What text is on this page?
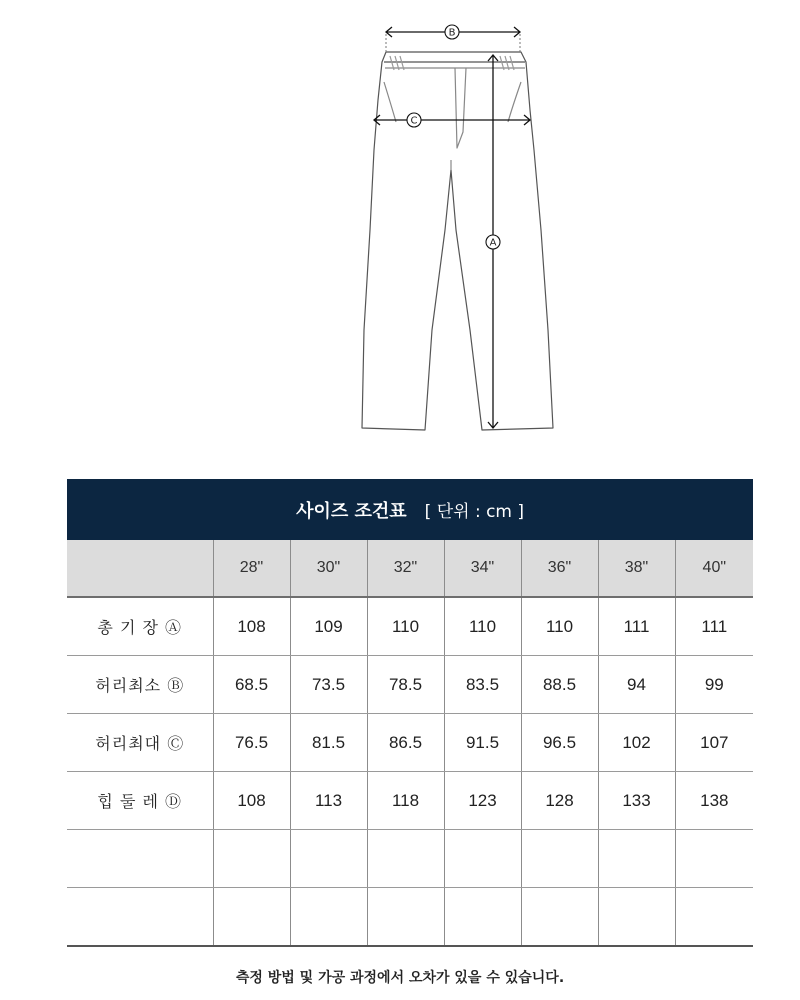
B
C
A
사이즈 조건표 [ 단위 : cm ]							
	28"	30"	32"	34"	36"	38"	40"
총 기 장 Ⓐ	108	109	110	110	110	111	111
허리최소 Ⓑ	68.5	73.5	78.5	83.5	88.5	94	99
허리최대 Ⓒ	76.5	81.5	86.5	91.5	96.5	102	107
힙 둘 레 Ⓓ	108	113	118	123	128	133	138

측정 방법 및 가공 과정에서 오차가 있을 수 있습니다.
